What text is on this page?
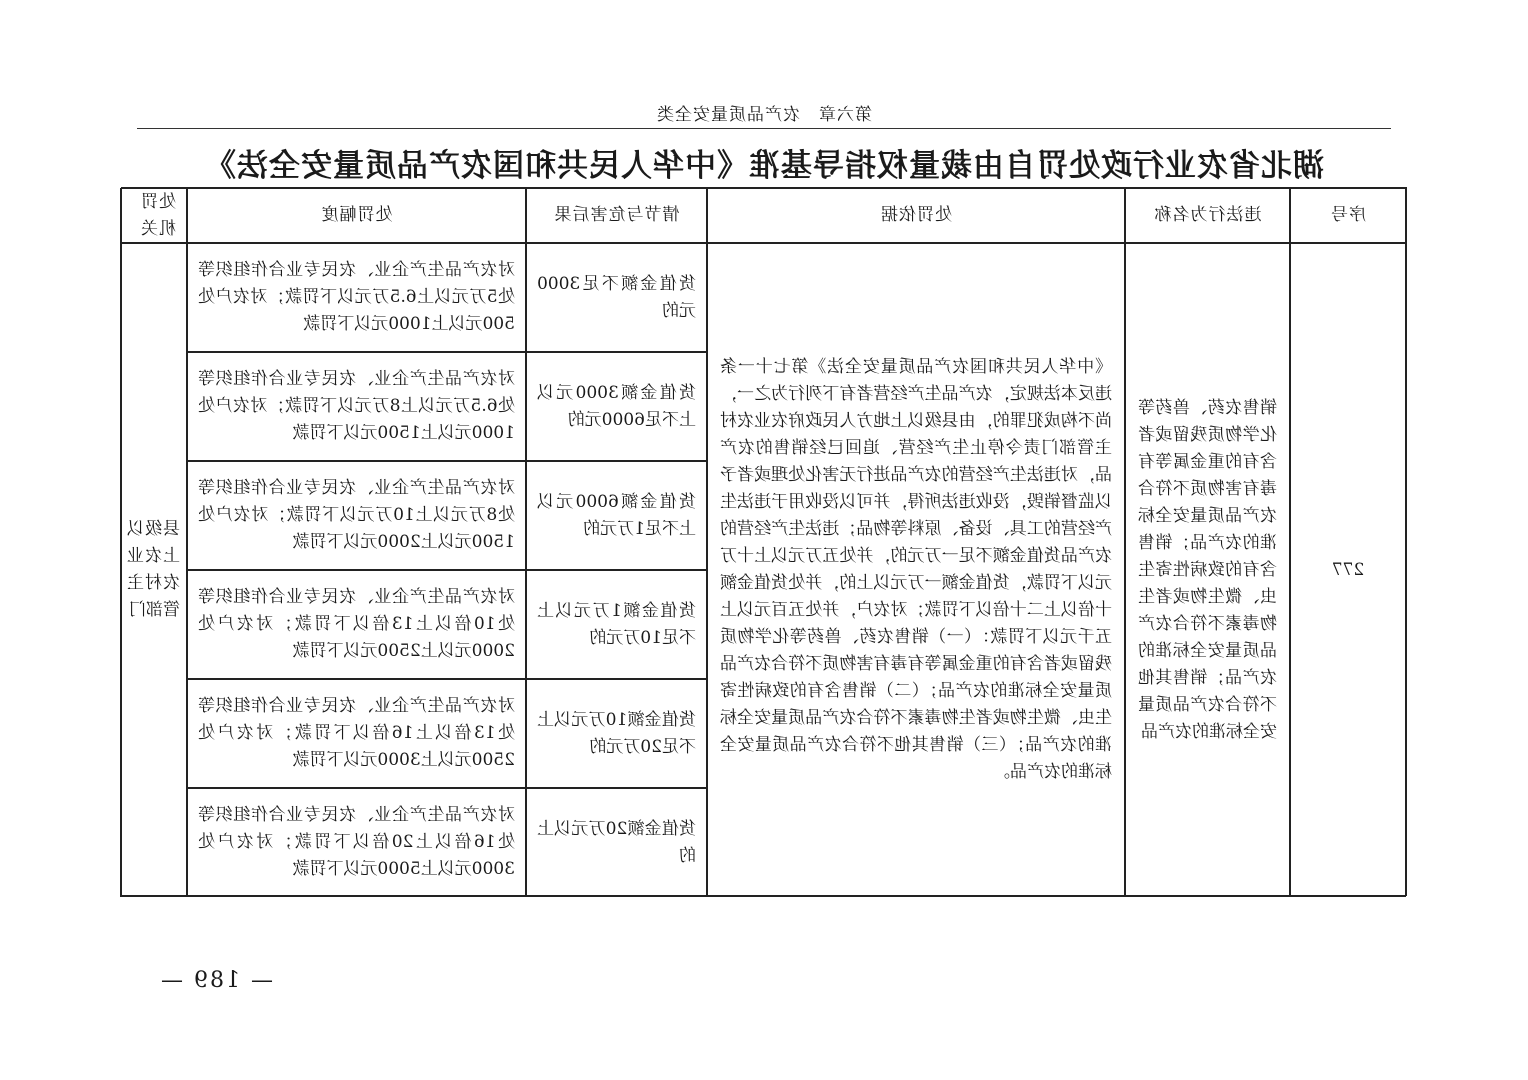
第六章　农产品质量安全类
湖北省农业行政处罚自由裁量权指导基准《中华人民共和国农产品质量安全法》
序号
违法行为名称
处罚依据
情节与危害后果
处罚幅度
处罚机关
277
销售农药、兽药等化学物质残留或者含有的重金属等有毒有害物质不符合农产品质量安全标准的农产品；销售含有的致病性寄生虫、微生物或者生物毒素不符合农产品质量安全标准的农产品；销售其他不符合农产品质量安全标准的农产品
《中华人民共和国农产品质量安全法》第七十一条 违反本法规定，农产品生产经营者有下列行为之一，尚不构成犯罪的，由县级以上地方人民政府农业农村主管部门责令停止生产经营、追回已经销售的农产品，对违法生产经营的农产品进行无害化处理或者予以监督销毁，没收违法所得，并可以没收用于违法生产经营的工具、设备、原料等物品；违法生产经营的农产品货值金额不足一万元的，并处五万元以上十万元以下罚款，货值金额一万元以上的，并处货值金额十倍以上二十倍以下罚款；对农户，并处五百元以上五千元以下罚款：（一）销售农药、兽药等化学物质残留或者含有的重金属等有毒有害物质不符合农产品质量安全标准的农产品；（二）销售含有的致病性寄生虫、微生物或者生物毒素不符合农产品质量安全标准的农产品；（三）销售其他不符合农产品质量安全标准的农产品。
县级以上农业农村主管部门
货值金额不足3000元的
对农产品生产企业、农民专业合作组织等处5万元以上6.5万元以下罚款；对农户处500元以上1000元以下罚款
货值金额3000元以上不足6000元的
对农产品生产企业、农民专业合作组织等处6.5万元以上8万元以下罚款；对农户处1000元以上1500元以下罚款
货值金额6000元以上不足1万元的
对农产品生产企业、农民专业合作组织等处8万元以上10万元以下罚款；对农户处1500元以上2000元以下罚款
货值金额1万元以上不足10万元的
对农产品生产企业、农民专业合作组织等处10倍以上13倍以下罚款；对农户处2000元以上2500元以下罚款
货值金额10万元以上不足20万元的
对农产品生产企业、农民专业合作组织等处13倍以上16倍以下罚款；对农户处2500元以上3000元以下罚款
货值金额20万元以上的
对农产品生产企业、农民专业合作组织等处16倍以上20倍以下罚款；对农户处3000元以上5000元以下罚款
— 189 —
